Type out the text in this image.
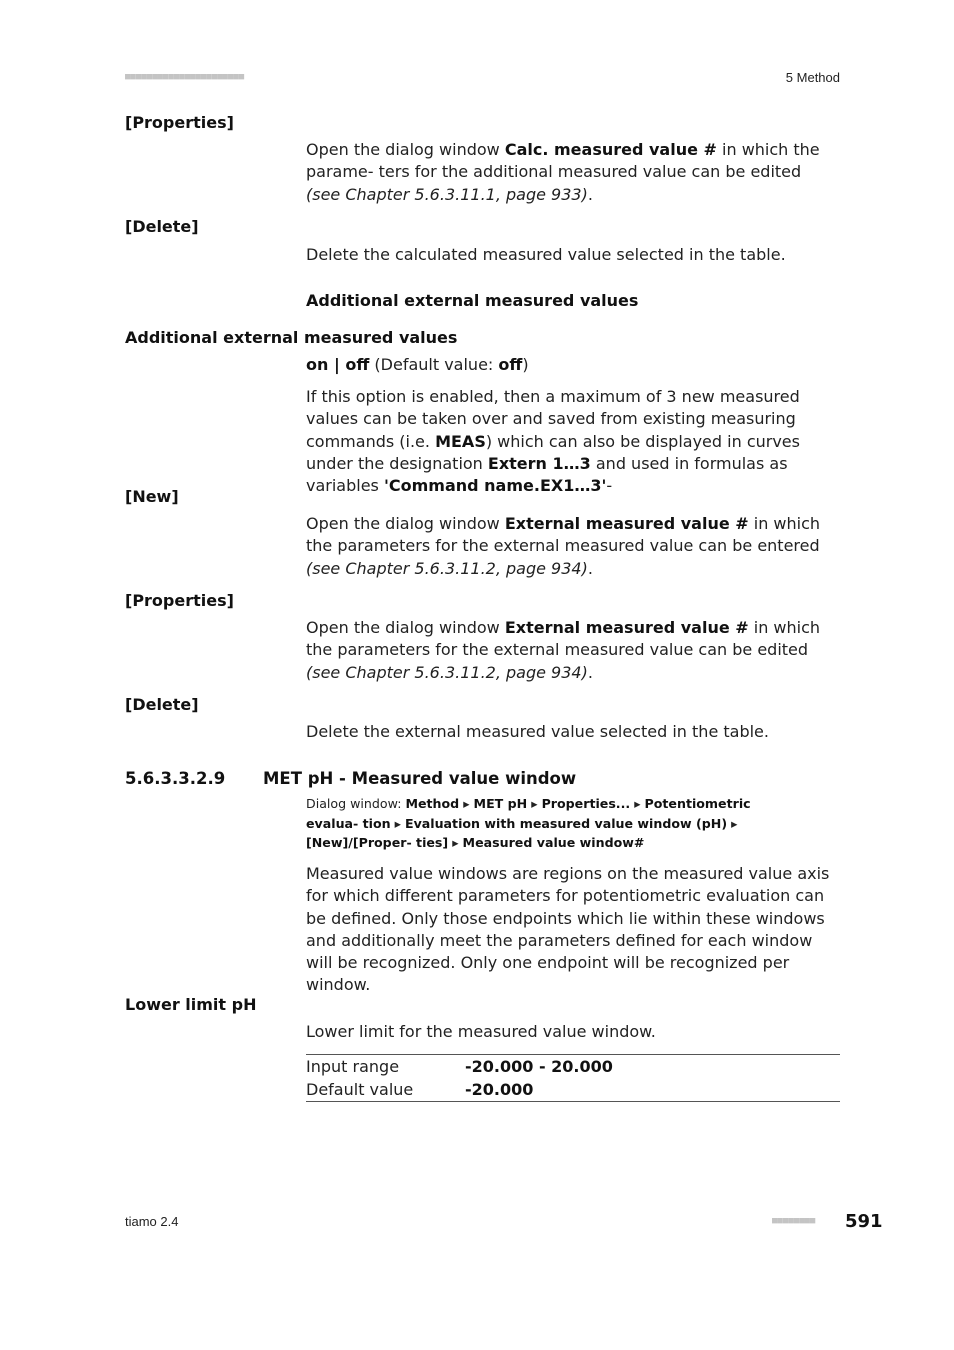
■■■■■■■■■■■■■■■■■■■■■■	5 Method
[Properties]
Open the dialog window Calc. measured value # in which the parame- ters for the additional measured value can be edited (see Chapter 5.6.3.11.1, page 933).
[Delete]
Delete the calculated measured value selected in the table.
Additional external measured values
Additional external measured values
on | off (Default value: off)
If this option is enabled, then a maximum of 3 new measured values can be taken over and saved from existing measuring commands (i.e. MEAS) which can also be displayed in curves under the designation Extern 1…3 and used in formulas as variables 'Command name.EX1…3'-
[New]
Open the dialog window External measured value # in which the parameters for the external measured value can be entered (see Chapter 5.6.3.11.2, page 934).
[Properties]
Open the dialog window External measured value # in which the parameters for the external measured value can be edited (see Chapter 5.6.3.11.2, page 934).
[Delete]
Delete the external measured value selected in the table.
5.6.3.3.2.9 MET pH - Measured value window
Dialog window: Method ▸ MET pH ▸ Properties... ▸ Potentiometric evalua- tion ▸ Evaluation with measured value window (pH) ▸ [New]/[Proper- ties] ▸ Measured value window#
Measured value windows are regions on the measured value axis for which different parameters for potentiometric evaluation can be defined. Only those endpoints which lie within these windows and additionally meet the parameters defined for each window will be recognized. Only one endpoint will be recognized per window.
Lower limit pH
Lower limit for the measured value window.
Input range	-20.000 - 20.000
Default value	-20.000
tiamo 2.4	■■■■■■■■ 591
